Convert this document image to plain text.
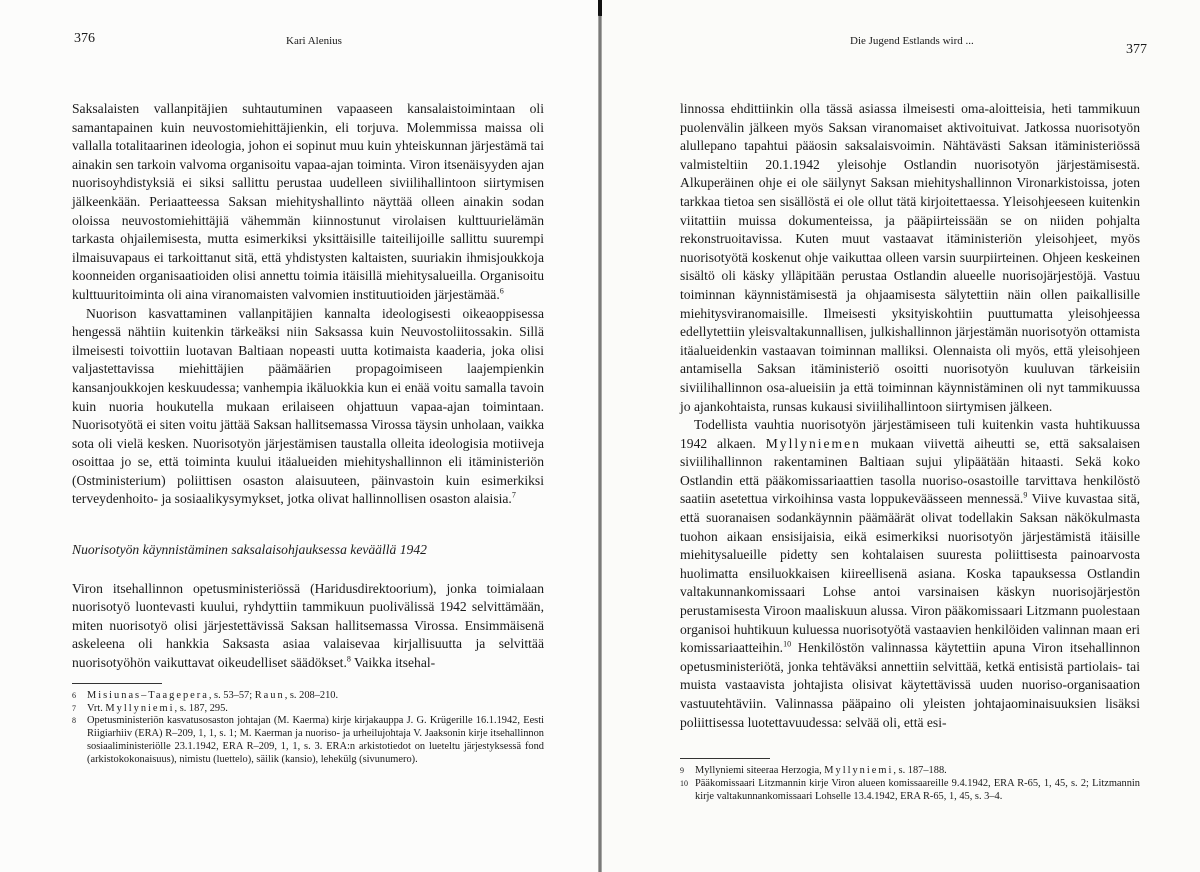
376	Kari Alenius

Saksalaisten vallanpitäjien suhtautuminen vapaaseen kansalaistoimintaan oli samantapainen kuin neuvostomiehittäjienkin, eli torjuva. Molemmissa maissa oli vallalla totalitaarinen ideologia, johon ei sopinut muu kuin yhteiskunnan järjestämä tai ainakin sen tarkoin valvoma organisoitu vapaa-ajan toiminta. Viron itsenäisyyden ajan nuorisoyhdistyksiä ei siksi sallittu perustaa uudelleen siviilihallintoon siirtymisen jälkeenkään. Periaatteessa Saksan miehityshallinto näyttää olleen ainakin sodan oloissa neuvostomiehittäjiä vähemmän kiinnostunut virolaisen kulttuurielämän tarkasta ohjailemisesta, mutta esimerkiksi yksittäisille taiteilijoille sallittu suurempi ilmaisuvapaus ei tarkoittanut sitä, että yhdistysten kaltaisten, suuriakin ihmisjoukkoja koonneiden organisaatioiden olisi annettu toimia itäisillä miehitysalueilla. Organisoitu kulttuuritoiminta oli aina viranomaisten valvomien instituutioiden järjestämää.$^6$

Nuorison kasvattaminen vallanpitäjien kannalta ideologisesti oikeaoppisessa hengessä nähtiin kuitenkin tärkeäksi niin Saksassa kuin Neuvostoliitossakin. Sillä ilmeisesti toivottiin luotavan Baltiaan nopeasti uutta kotimaista kaaderia, joka olisi valjastettavissa miehittäjien päämäärien propagoimiseen laajempienkin kansanjoukkojen keskuudessa; vanhempia ikäluokkia kun ei enää voitu samalla tavoin kuin nuoria houkutella mukaan erilaiseen ohjattuun vapaa-ajan toimintaan. Nuorisotyötä ei siten voitu jättää Saksan hallitsemassa Virossa täysin unholaan, vaikka sota oli vielä kesken. Nuorisotyön järjestämisen taustalla olleita ideologisia motiiveja osoittaa jo se, että toiminta kuului itäalueiden miehityshallinnon eli itäministeriön (Ostministerium) poliittisen osaston alaisuuteen, päinvastoin kuin esimerkiksi terveydenhoito- ja sosiaalikysymykset, jotka olivat hallinnollisen osaston alaisia.$^7$

Nuorisotyön käynnistäminen saksalaisohjauksessa keväällä 1942

Viron itsehallinnon opetusministeriössä (Haridusdirektoorium), jonka toimialaan nuorisotyö luontevasti kuului, ryhdyttiin tammikuun puolivälissä 1942 selvittämään, miten nuorisotyö olisi järjestettävissä Saksan hallitsemassa Virossa. Ensimmäisenä askeleena oli hankkia Saksasta asiaa valaisevaa kirjallisuutta ja selvittää nuorisotyöhön vaikuttavat oikeudelliset säädökset.$^8$ Vaikka itsehal-

6	Misiunas–Taagepera, s. 53–57; Raun, s. 208–210.
7	Vrt. Myllyniemi, s. 187, 295.
8	Opetusministeriön kasvatusosaston johtajan (M. Kaerma) kirje kirjakauppa J. G. Krügerille 16.1.1942, Eesti Riigiarhiiv (ERA) R–209, 1, 1, s. 1; M. Kaerman ja nuoriso- ja urheilujohtaja V. Jaaksonin kirje itsehallinnon sosiaaliministeriölle 23.1.1942, ERA R–209, 1, 1, s. 3. ERA:n arkistotiedot on lueteltu järjestyksessä fond (arkistokokonaisuus), nimistu (luettelo), säilik (kansio), lehekülg (sivunumero).
Die Jugend Estlands wird ...
377

linnossa ehdittiinkin olla tässä asiassa ilmeisesti oma-aloitteisia, heti tammikuun puolenvälin jälkeen myös Saksan viranomaiset aktivoituivat. Jatkossa nuorisotyön alullepano tapahtui pääosin saksalaisvoimin. Nähtävästi Saksan itäministeriössä valmisteltiin 20.1.1942 yleisohje Ostlandin nuorisotyön järjestämisestä. Alkuperäinen ohje ei ole säilynyt Saksan miehityshallinnon Vironarkistoissa, joten tarkkaa tietoa sen sisällöstä ei ole ollut tätä kirjoitettaessa. Yleisohjeeseen kuitenkin viitattiin muissa dokumenteissa, ja pääpiirteissään se on niiden pohjalta rekonstruoitavissa. Kuten muut vastaavat itäministeriön yleisohjeet, myös nuorisotyötä koskenut ohje vaikuttaa olleen varsin suurpiirteinen. Ohjeen keskeinen sisältö oli käsky ylläpitään perustaa Ostlandin alueelle nuorisojärjestöjä. Vastuu toiminnan käynnistämisestä ja ohjaamisesta sälytettiin näin ollen paikallisille miehitysviranomaisille. Ilmeisesti yksityiskohtiin puuttumatta yleisohjeessa edellytettiin yleisvaltakunnallisen, julkishallinnon järjestämän nuorisotyön ottamista itäalueidenkin vastaavan toiminnan malliksi. Olennaista oli myös, että yleisohjeen antamisella Saksan itäministeriö osoitti nuorisotyön kuuluvan tärkeisiin siviilihallinnon osa-alueisiin ja että toiminnan käynnistäminen oli nyt tammikuussa jo ajankohtaista, runsas kukausi siviilihallintoon siirtymisen jälkeen.

Todellista vauhtia nuorisotyön järjestämiseen tuli kuitenkin vasta huhtikuussa 1942 alkaen. Myllyniemen mukaan viivettä aiheutti se, että saksalaisen siviilihallinnon rakentaminen Baltiaan sujui ylipäätään hitaasti. Sekä koko Ostlandin että pääkomissariaattien tasolla nuoriso-osastoille tarvittava henkilöstö saatiin asetettua virkoihinsa vasta loppukeväässeen mennessä.$^9$ Viive kuvastaa sitä, että suoranaisen sodankäynnin päämäärät olivat todellakin Saksan näkökulmasta tuohon aikaan ensisijaisia, eikä esimerkiksi nuorisotyön järjestämistä itäisille miehitysalueille pidetty sen kohtalaisen suuresta poliittisesta painoarvosta huolimatta ensiluokkaisen kiireellisenä asiana. Koska tapauksessa Ostlandin valtakunnankomissaari Lohse antoi varsinaisen käskyn nuorisojärjestön perustamisesta Viroon maaliskuun alussa. Viron pääkomissaari Litzmann puolestaan organisoi huhtikuun kuluessa nuorisotyötä vastaavien henkilöiden valinnan maan eri komissariaatteihin.$^{10}$ Henkilöstön valinnassa käytettiin apuna Viron itsehallinnon opetusministeriötä, jonka tehtäväksi annettiin selvittää, ketkä entisistä partiolais- tai muista vastaavista johtajista olisivat käytettävissä uuden nuoriso-organisaation vastuutehtäviin. Valinnassa pääpaino oli yleisten johtajaominaisuuksien lisäksi poliittisessa luotettavuudessa: selvää oli, että esi-

9	Myllyniemi siteeraa Herzogia, Myllyniemi, s. 187–188.
10 Pääkomissaari Litzmannin kirje Viron alueen komissaareille 9.4.1942, ERA R-65, 1, 45, s. 2; Litzmannin kirje valtakunnankomissaari Lohselle 13.4.1942, ERA R-65, 1, 45, s. 3–4.
